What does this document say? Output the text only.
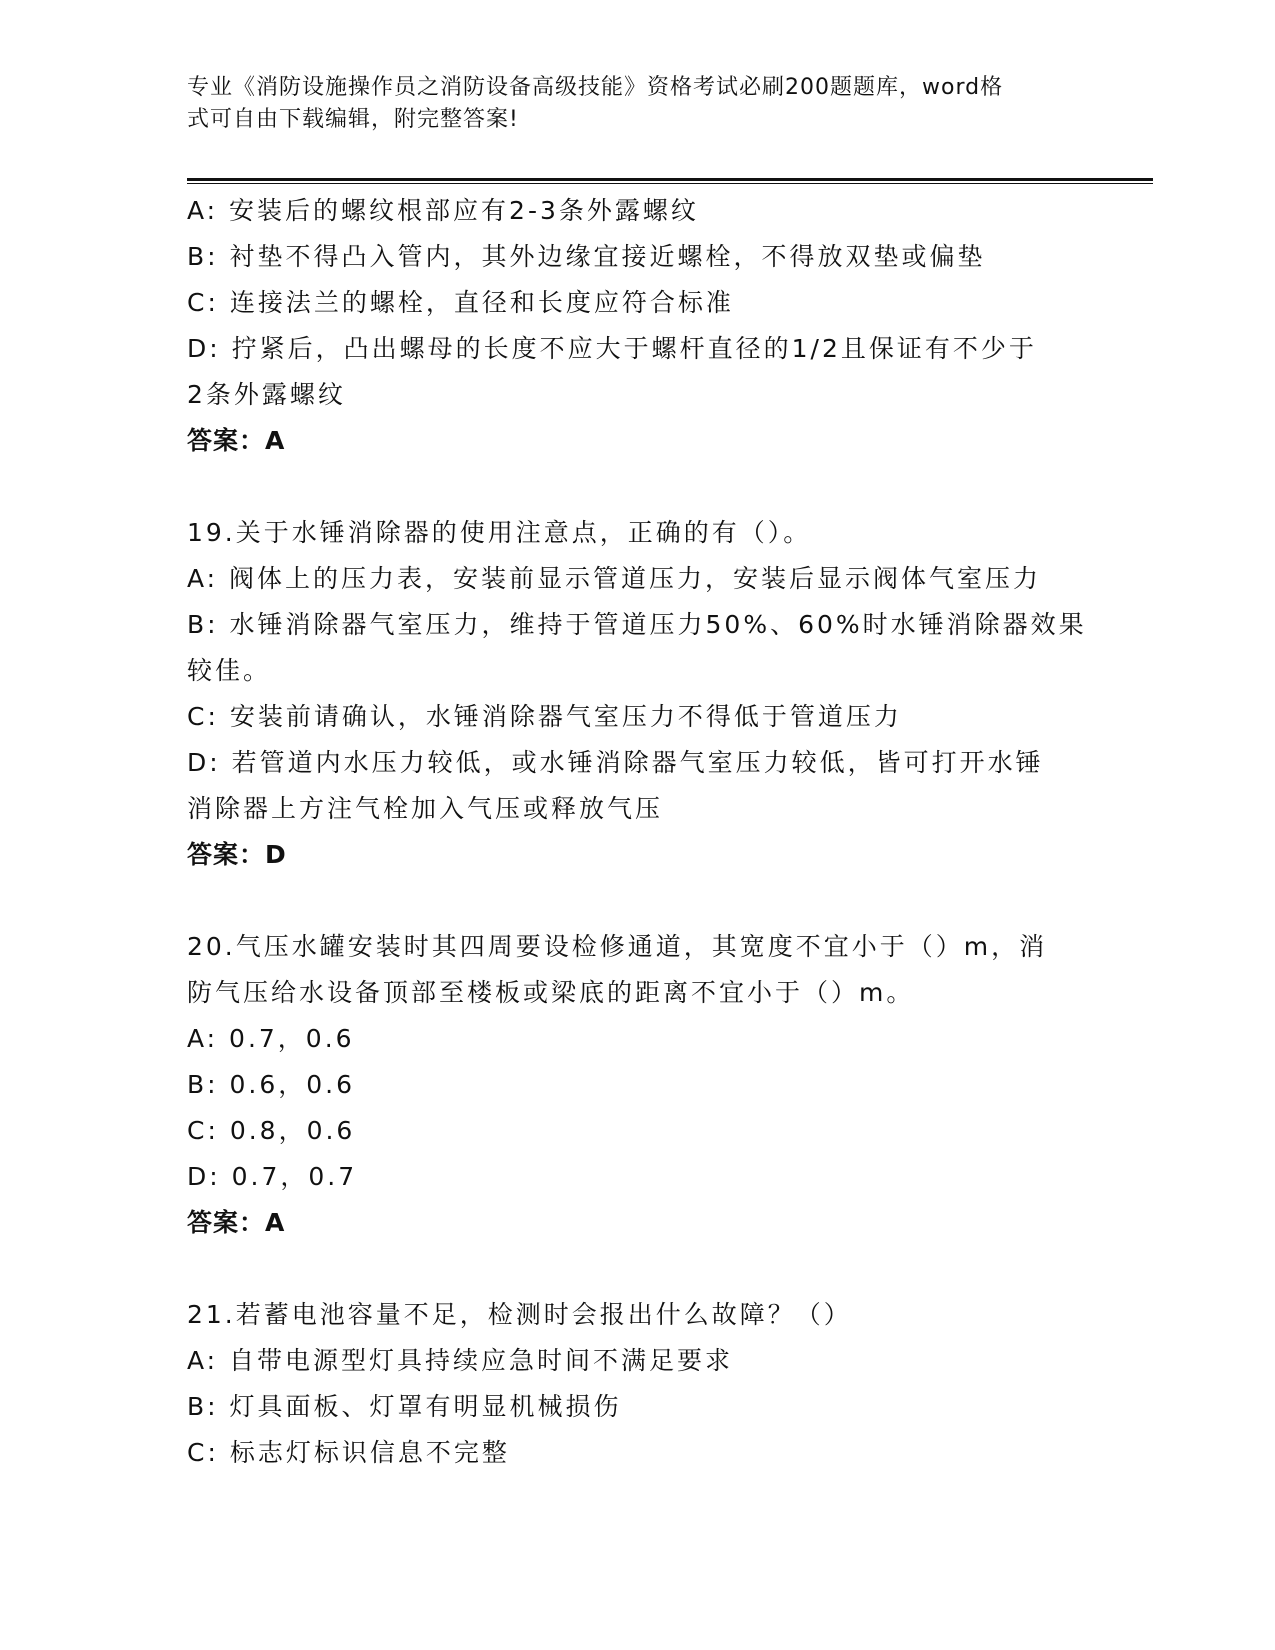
专业《消防设施操作员之消防设备高级技能》资格考试必刷200题题库，word格
式可自由下载编辑，附完整答案!

A: 安装后的螺纹根部应有2-3条外露螺纹

B: 衬垫不得凸入管内，其外边缘宜接近螺栓，不得放双垫或偏垫

C: 连接法兰的螺栓，直径和长度应符合标准

D: 拧紧后，凸出螺母的长度不应大于螺杆直径的1/2且保证有不少于

2条外露螺纹

答案：A

19.关于水锤消除器的使用注意点，正确的有（）。

A: 阀体上的压力表，安装前显示管道压力，安装后显示阀体气室压力

B: 水锤消除器气室压力，维持于管道压力50%、60%时水锤消除器效果

较佳。

C: 安装前请确认，水锤消除器气室压力不得低于管道压力

D: 若管道内水压力较低，或水锤消除器气室压力较低，皆可打开水锤

消除器上方注气栓加入气压或释放气压

答案：D

20.气压水罐安装时其四周要设检修通道，其宽度不宜小于（）m，消

防气压给水设备顶部至楼板或梁底的距离不宜小于（）m。

A: 0.7，0.6

B: 0.6，0.6

C: 0.8，0.6

D: 0.7，0.7

答案：A

21.若蓄电池容量不足，检测时会报出什么故障？（）

A: 自带电源型灯具持续应急时间不满足要求

B: 灯具面板、灯罩有明显机械损伤

C: 标志灯标识信息不完整
